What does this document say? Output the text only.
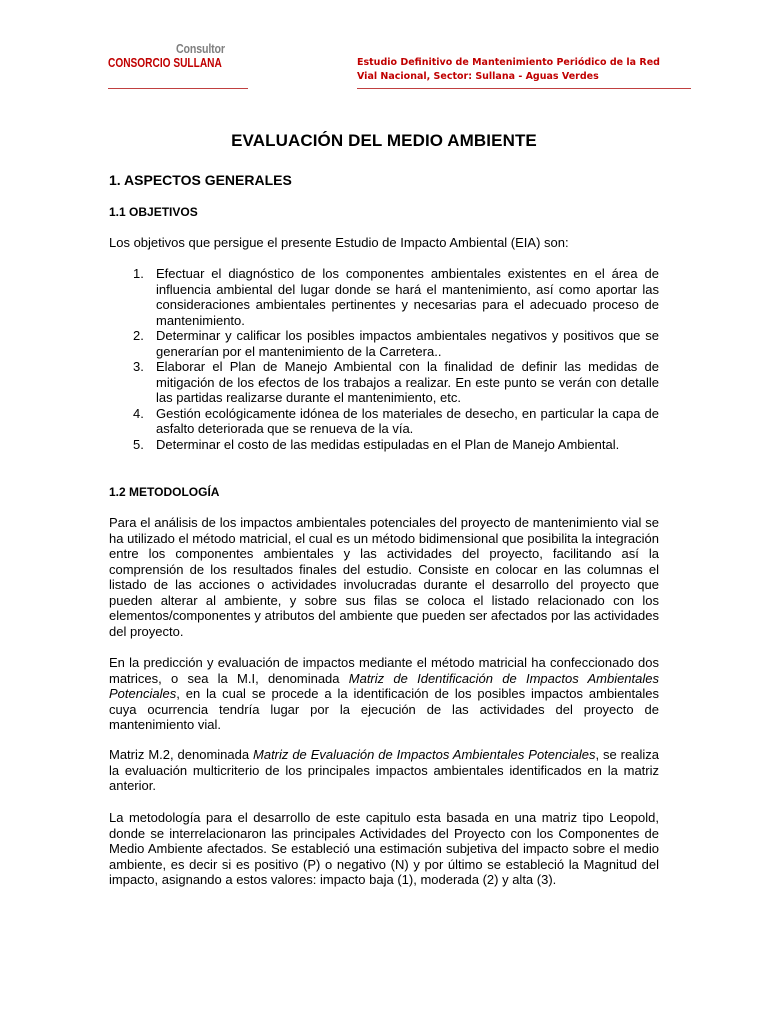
Consultor
CONSORCIO SULLANA	Estudio Definitivo de Mantenimiento Periódico de la Red
Vial Nacional, Sector: Sullana - Aguas Verdes
EVALUACIÓN DEL MEDIO AMBIENTE
1. ASPECTOS GENERALES
1.1 OBJETIVOS
Los objetivos que persigue el presente Estudio de Impacto Ambiental (EIA) son:
1. Efectuar el diagnóstico de los componentes ambientales existentes en el área de influencia ambiental del lugar donde se hará el mantenimiento, así como aportar las consideraciones ambientales pertinentes y necesarias para el adecuado proceso de mantenimiento.
2. Determinar y calificar los posibles impactos ambientales negativos y positivos que se generarían por el mantenimiento de la Carretera..
3. Elaborar el Plan de Manejo Ambiental con la finalidad de definir las medidas de mitigación de los efectos de los trabajos a realizar. En este punto se verán con detalle las partidas realizarse durante el mantenimiento, etc.
4. Gestión ecológicamente idónea de los materiales de desecho, en particular la capa de asfalto deteriorada que se renueva de la vía.
5. Determinar el costo de las medidas estipuladas en el Plan de Manejo Ambiental.
1.2 METODOLOGÍA
Para el análisis de los impactos ambientales potenciales del proyecto de mantenimiento vial se ha utilizado el método matricial, el cual es un método bidimensional que posibilita la integración entre los componentes ambientales y las actividades del proyecto, facilitando así la comprensión de los resultados finales del estudio. Consiste en colocar en las columnas el listado de las acciones o actividades involucradas durante el desarrollo del proyecto que pueden alterar al ambiente, y sobre sus filas se coloca el listado relacionado con los elementos/componentes y atributos del ambiente que pueden ser afectados por las actividades del proyecto.
En la predicción y evaluación de impactos mediante el método matricial ha confeccionado dos matrices, o sea la M.I, denominada Matriz de Identificación de Impactos Ambientales Potenciales, en la cual se procede a la identificación de los posibles impactos ambientales cuya ocurrencia tendría lugar por la ejecución de las actividades del proyecto de mantenimiento vial.
Matriz M.2, denominada Matriz de Evaluación de Impactos Ambientales Potenciales, se realiza la evaluación multicriterio de los principales impactos ambientales identificados en la matriz anterior.
La metodología para el desarrollo de este capitulo esta basada en una matriz tipo Leopold, donde se interrelacionaron las principales Actividades del Proyecto con los Componentes de Medio Ambiente afectados. Se estableció una estimación subjetiva del impacto sobre el medio ambiente, es decir si es positivo (P) o negativo (N) y por último se estableció la Magnitud del impacto, asignando a estos valores: impacto baja (1), moderada (2) y alta (3).
